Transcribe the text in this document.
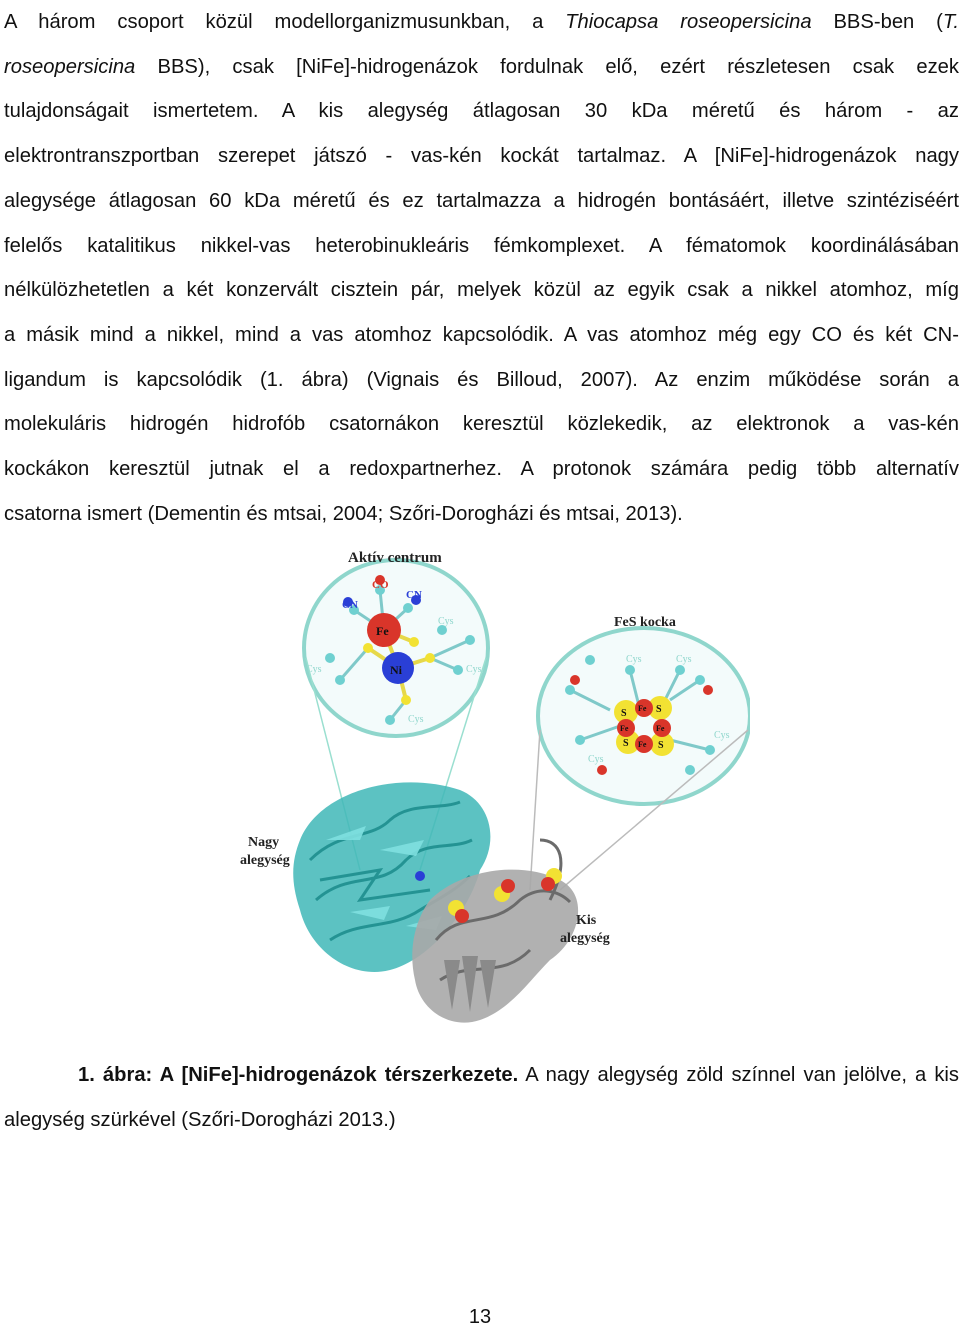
A három csoport közül modellorganizmusunkban, a Thiocapsa roseopersicina BBS-ben (T.
roseopersicina BBS), csak [NiFe]-hidrogenázok fordulnak elő, ezért részletesen csak ezek
tulajdonságait ismertetem. A kis alegység átlagosan 30 kDa méretű és három - az
elektrontranszportban szerepet játszó - vas-kén kockát tartalmaz. A [NiFe]-hidrogenázok nagy
alegysége átlagosan 60 kDa méretű és ez tartalmazza a hidrogén bontásáért, illetve szintéziséért
felelős katalitikus nikkel-vas heterobinukleáris fémkomplexet. A fématomok koordinálásában
nélkülözhetetlen a két konzervált cisztein pár, melyek közül az egyik csak a nikkel atomhoz, míg
a másik mind a nikkel, mind a vas atomhoz kapcsolódik. A vas atomhoz még egy CO és két CN-
ligandum is kapcsolódik (1. ábra) (Vignais és Billoud, 2007). Az enzim működése során a
molekuláris hidrogén hidrofób csatornákon keresztül közlekedik, az elektronok a vas-kén
kockákon keresztül jutnak el a redoxpartnerhez. A protonok számára pedig több alternatív
csatorna ismert (Dementin és mtsai, 2004; Szőri-Dorogházi és mtsai, 2013).
Aktív centrum
CO
CN
CN
Fe
Ni
Cys
Cys
Cys
Cys
FeS kocka
S	S
S	S
Fe
Fe
Fe	Fe
Cys	Cys
Cys
Cys
Nagy
alegység
Kis
alegység
1. ábra: A [NiFe]-hidrogenázok térszerkezete. A nagy alegység zöld színnel van jelölve, a kis
alegység szürkével (Szőri-Dorogházi 2013.)
13
